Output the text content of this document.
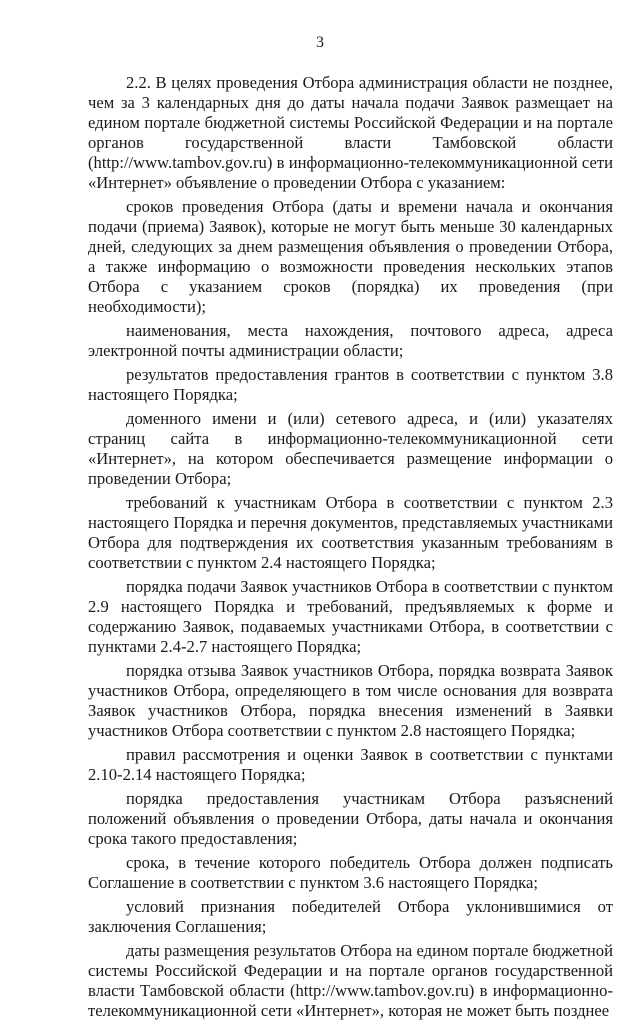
3

2.2. В целях проведения Отбора администрация области не позднее, чем за 3 календарных дня до даты начала подачи Заявок размещает на едином портале бюджетной системы Российской Федерации и на портале органов государственной власти Тамбовской области (http://www.tambov.gov.ru) в информационно-телекоммуникационной сети «Интернет» объявление о проведении Отбора с указанием:

сроков проведения Отбора (даты и времени начала и окончания подачи (приема) Заявок), которые не могут быть меньше 30 календарных дней, следующих за днем размещения объявления о проведении Отбора, а также информацию о возможности проведения нескольких этапов Отбора с указанием сроков (порядка) их проведения (при необходимости);

наименования, места нахождения, почтового адреса, адреса электронной почты администрации области;

результатов предоставления грантов в соответствии с пунктом 3.8 настоящего Порядка;

доменного имени и (или) сетевого адреса, и (или) указателях страниц сайта в информационно-телекоммуникационной сети «Интернет», на котором обеспечивается размещение информации о проведении Отбора;

требований к участникам Отбора в соответствии с пунктом 2.3 настоящего Порядка и перечня документов, представляемых участниками Отбора для подтверждения их соответствия указанным требованиям в соответствии с пунктом 2.4 настоящего Порядка;

порядка подачи Заявок участников Отбора в соответствии с пунктом 2.9 настоящего Порядка и требований, предъявляемых к форме и содержанию Заявок, подаваемых участниками Отбора, в соответствии с пунктами 2.4-2.7 настоящего Порядка;

порядка отзыва Заявок участников Отбора, порядка возврата Заявок участников Отбора, определяющего в том числе основания для возврата Заявок участников Отбора, порядка внесения изменений в Заявки участников Отбора соответствии с пунктом 2.8 настоящего Порядка;

правил рассмотрения и оценки Заявок в соответствии с пунктами 2.10-2.14 настоящего Порядка;

порядка предоставления участникам Отбора разъяснений положений объявления о проведении Отбора, даты начала и окончания срока такого предоставления;

срока, в течение которого победитель Отбора должен подписать Соглашение в соответствии с пунктом 3.6 настоящего Порядка;

условий признания победителей Отбора уклонившимися от заключения Соглашения;

даты размещения результатов Отбора на едином портале бюджетной системы Российской Федерации и на портале органов государственной власти Тамбовской области (http://www.tambov.gov.ru) в информационно-телекоммуникационной сети «Интернет», которая не может быть позднее
